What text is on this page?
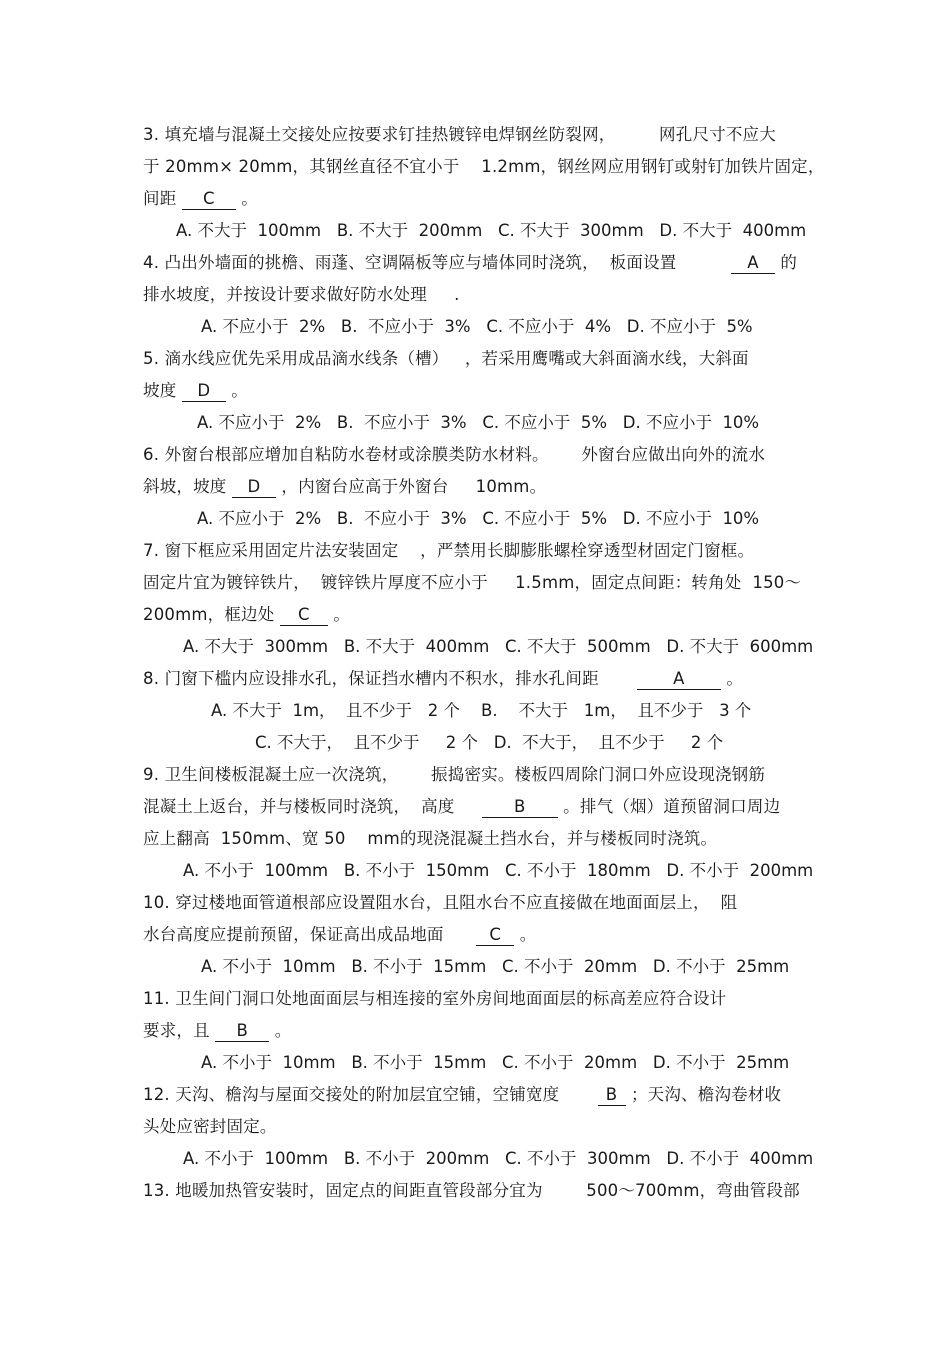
3. 填充墙与混凝土交接处应按要求钉挂热镀锌电焊钢丝防裂网，        网孔尺寸不应大
于 20mm× 20mm，其钢丝直径不宜小于    1.2mm，钢丝网应用钢钉或射钉加铁片固定，
间距 C 。
A. 不大于  100mm   B. 不大于  200mm   C. 不大于  300mm   D. 不大于  400mm
4. 凸出外墙面的挑檐、雨蓬、空调隔板等应与墙体同时浇筑，  板面设置          A 的
排水坡度，并按设计要求做好防水处理     .
A. 不应小于  2%   B.  不应小于  3%   C. 不应小于  4%   D. 不应小于  5%
5. 滴水线应优先采用成品滴水线条（槽）   ，若采用鹰嘴或大斜面滴水线，大斜面
坡度 D 。
A. 不应小于  2%   B.  不应小于  3%   C. 不应小于  5%   D. 不应小于  10%
6. 外窗台根部应增加自粘防水卷材或涂膜类防水材料。      外窗台应做出向外的流水
斜坡，坡度 D ，内窗台应高于外窗台     10mm。
A. 不应小于  2%   B.  不应小于  3%   C. 不应小于  5%   D. 不应小于  10%
7. 窗下框应采用固定片法安装固定    ，严禁用长脚膨胀螺栓穿透型材固定门窗框。
固定片宜为镀锌铁片，  镀锌铁片厚度不应小于     1.5mm，固定点间距：转角处  150～
200mm，框边处 C 。
A. 不大于  300mm   B. 不大于  400mm   C. 不大于  500mm   D. 不大于  600mm
8. 门窗下槛内应设排水孔，保证挡水槽内不积水，排水孔间距       A 。
A. 不大于  1m，  且不少于   2 个    B.    不大于   1m，  且不少于   3 个
C. 不大于，  且不少于     2 个   D.  不大于，  且不少于     2 个
9. 卫生间楼板混凝土应一次浇筑，      振捣密实。楼板四周除门洞口外应设现浇钢筋
混凝土上返台，并与楼板同时浇筑，  高度     B 。排气（烟）道预留洞口周边
应上翻高  150mm、宽 50    mm的现浇混凝土挡水台，并与楼板同时浇筑。
A. 不小于  100mm   B. 不小于  150mm   C. 不小于  180mm   D. 不小于  200mm
10. 穿过楼地面管道根部应设置阻水台，且阻水台不应直接做在地面面层上，  阻
水台高度应提前预留，保证高出成品地面      C 。
A. 不小于  10mm   B. 不小于  15mm   C. 不小于  20mm   D. 不小于  25mm
11. 卫生间门洞口处地面面层与相连接的室外房间地面面层的标高差应符合设计
要求，且 B 。
A. 不小于  10mm   B. 不小于  15mm   C. 不小于  20mm   D. 不小于  25mm
12. 天沟、檐沟与屋面交接处的附加层宜空铺，空铺宽度       B ；天沟、檐沟卷材收
头处应密封固定。
A. 不小于  100mm   B. 不小于  200mm   C. 不小于  300mm   D. 不小于  400mm
13. 地暖加热管安装时，固定点的间距直管段部分宜为        500～700mm，弯曲管段部
